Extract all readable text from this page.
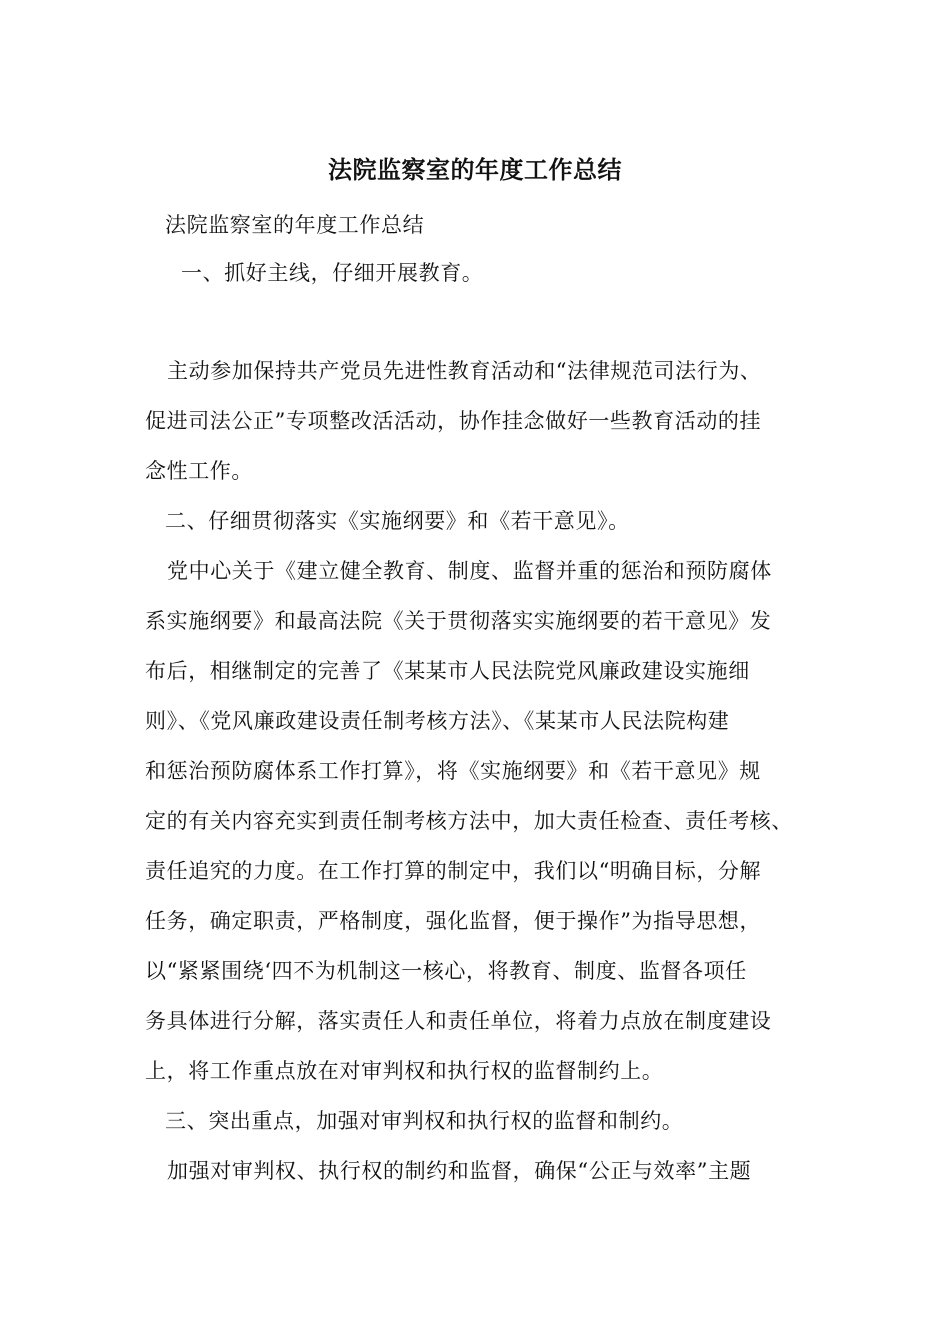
法院监察室的年度工作总结
法院监察室的年度工作总结
一、抓好主线，仔细开展教育。
主动参加保持共产党员先进性教育活动和“法律规范司法行为、
促进司法公正”专项整改活活动，协作挂念做好一些教育活动的挂
念性工作。
二、仔细贯彻落实《实施纲要》和《若干意见》。
党中心关于《建立健全教育、制度、监督并重的惩治和预防腐体
系实施纲要》和最高法院《关于贯彻落实实施纲要的若干意见》发
布后，相继制定的完善了《某某市人民法院党风廉政建设实施细
则》、《党风廉政建设责任制考核方法》、《某某市人民法院构建
和惩治预防腐体系工作打算》，将《实施纲要》和《若干意见》规
定的有关内容充实到责任制考核方法中，加大责任检查、责任考核、
责任追究的力度。在工作打算的制定中，我们以“明确目标，分解
任务，确定职责，严格制度，强化监督，便于操作”为指导思想，
以“紧紧围绕‘四不为机制这一核心，将教育、制度、监督各项任
务具体进行分解，落实责任人和责任单位，将着力点放在制度建设
上，将工作重点放在对审判权和执行权的监督制约上。
三、突出重点，加强对审判权和执行权的监督和制约。
加强对审判权、执行权的制约和监督，确保“公正与效率”主题
